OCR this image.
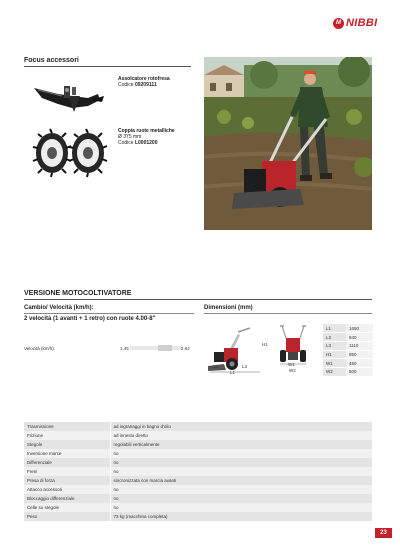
M NIBBI
Focus accessori
Assolcatore rotofresa
Codice 09209111
Coppia ruote metalliche
Ø 375 mm
Codice L0001200
VERSIONE MOTOCOLTIVATORE
Cambio/ Velocità (km/h):
2 velocità (1 avanti + 1 retro) con ruote 4.00-8"
Dimensioni (mm)
Velocità (km/h):	1.45	2.64
L2	L3
L1
H1
W1
W2
L1	1650
L2	940
L3	1110
H1	950
W1	450
W2	500
Trasmissione	ad ingranaggi in bagno d'olio
Frizione	ad innesto diretto
Stegole	regolabili verticalmente
Inversione marce	no
Differenziale	no
Freni	no
Presa di forza	sincronizzata con marcia avanti
Attacco accessori	no
Bloccaggio differenziale	no
Celle su stegole	no
Peso	73 kg (macchina completa)
23
